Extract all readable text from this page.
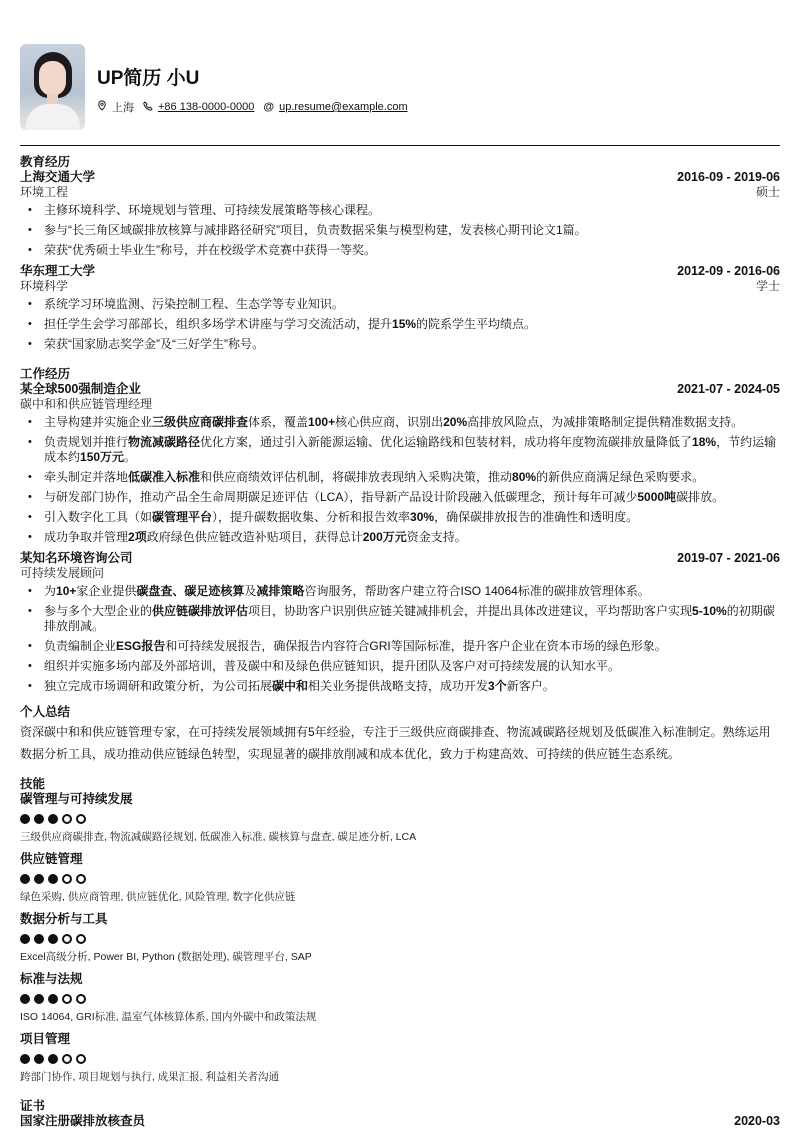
UP简历 小U
上海 +86 138-0000-0000 @ up.resume@example.com
教育经历
上海交通大学	2016-09 - 2019-06
环境工程	硕士
• 主修环境科学、环境规划与管理、可持续发展策略等核心课程。
• 参与“长三角区域碳排放核算与减排路径研究”项目，负责数据采集与模型构建，发表核心期刊论文1篇。
• 荣获“优秀硕士毕业生”称号，并在校级学术竞赛中获得一等奖。
华东理工大学	2012-09 - 2016-06
环境科学	学士
• 系统学习环境监测、污染控制工程、生态学等专业知识。
• 担任学生会学习部部长，组织多场学术讲座与学习交流活动，提升15%的院系学生平均绩点。
• 荣获“国家励志奖学金”及“三好学生”称号。
工作经历
某全球500强制造企业	2021-07 - 2024-05
碳中和和供应链管理经理
• 主导构建并实施企业三级供应商碳排查体系，覆盖100+核心供应商，识别出20%高排放风险点，为减排策略制定提供精准数据支持。
• 负责规划并推行物流减碳路径优化方案，通过引入新能源运输、优化运输路线和包装材料，成功将年度物流碳排放量降低了18%，节约运输成本约150万元。
• 牵头制定并落地低碳准入标准和供应商绩效评估机制，将碳排放表现纳入采购决策，推动80%的新供应商满足绿色采购要求。
• 与研发部门协作，推动产品全生命周期碳足迹评估（LCA），指导新产品设计阶段融入低碳理念，预计每年可减少5000吨碳排放。
• 引入数字化工具（如碳管理平台），提升碳数据收集、分析和报告效率30%，确保碳排放报告的准确性和透明度。
• 成功争取并管理2项政府绿色供应链改造补贴项目，获得总计200万元资金支持。
某知名环境咨询公司	2019-07 - 2021-06
可持续发展顾问
• 为10+家企业提供碳盘查、碳足迹核算及减排策略咨询服务，帮助客户建立符合ISO 14064标准的碳排放管理体系。
• 参与多个大型企业的供应链碳排放评估项目，协助客户识别供应链关键减排机会，并提出具体改进建议，平均帮助客户实现5-10%的初期碳排放削减。
• 负责编制企业ESG报告和可持续发展报告，确保报告内容符合GRI等国际标准，提升客户企业在资本市场的绿色形象。
• 组织并实施多场内部及外部培训，普及碳中和及绿色供应链知识，提升团队及客户对可持续发展的认知水平。
• 独立完成市场调研和政策分析，为公司拓展碳中和相关业务提供战略支持，成功开发3个新客户。
个人总结
资深碳中和和供应链管理专家，在可持续发展领域拥有5年经验，专注于三级供应商碳排查、物流减碳路径规划及低碳准入标准制定。熟练运用数据分析工具，成功推动供应链绿色转型，实现显著的碳排放削减和成本优化，致力于构建高效、可持续的供应链生态系统。
技能
碳管理与可持续发展
三级供应商碳排查, 物流减碳路径规划, 低碳准入标准, 碳核算与盘查, 碳足迹分析, LCA
供应链管理
绿色采购, 供应商管理, 供应链优化, 风险管理, 数字化供应链
数据分析与工具
Excel高级分析, Power BI, Python (数据处理), 碳管理平台, SAP
标准与法规
ISO 14064, GRI标准, 温室气体核算体系, 国内外碳中和政策法规
项目管理
跨部门协作, 项目规划与执行, 成果汇报, 利益相关者沟通
证书
国家注册碳排放核查员	2020-03
